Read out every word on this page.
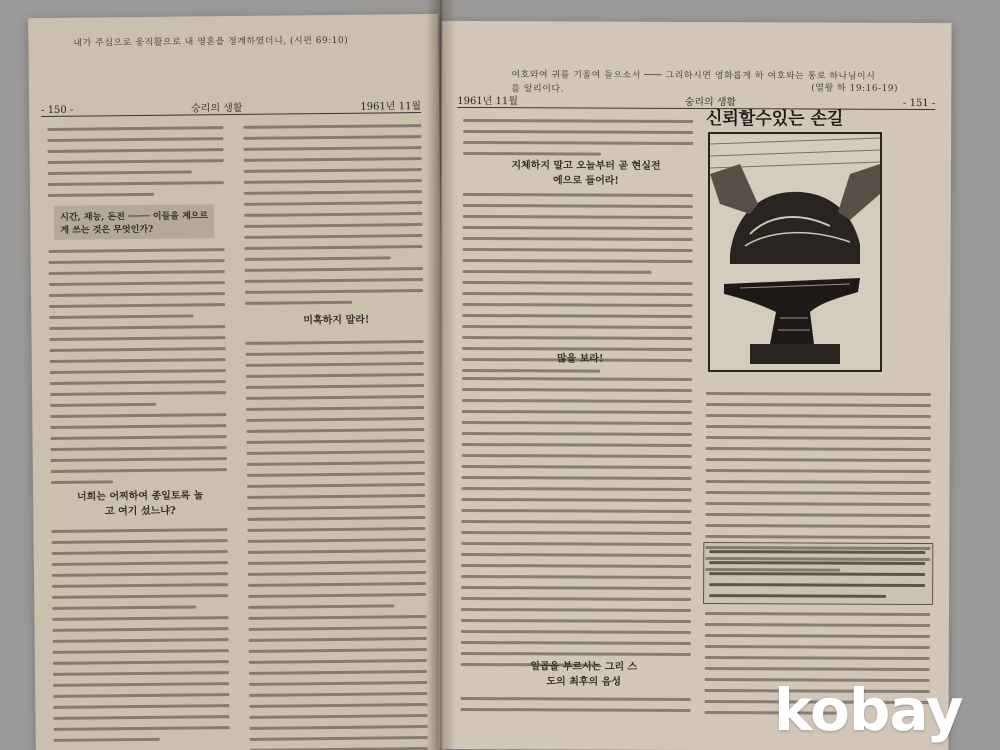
내가 주심으로 웅직활으로 내 영혼을 정계하였더니, (시편 69:10)
- 150 -	숭리의 생활	1961년 11월
시간, 재능, 돈전 ──── 이들을 계으르게 쓰는 것은 무엇인가?
너희는 어찌하여 종일토록 놀고 여기 섰느냐?
미혹하지 말라!
여호와여 귀를 기울여 들으소서 ─── 그리하시면 영화롭게 하 여호와는 통로 하나님이시
를 알리이다.	(열왕 하 19:16-19)
1961년 11월	숭리의 생활	- 151 -
지체하지 말고 오늘부터 곧 현실전에으로 들어라!
많을 보라!
일곱을 부르시는 그리 스도의 최후의 음성
신뢰할수있는 손길
kobay
